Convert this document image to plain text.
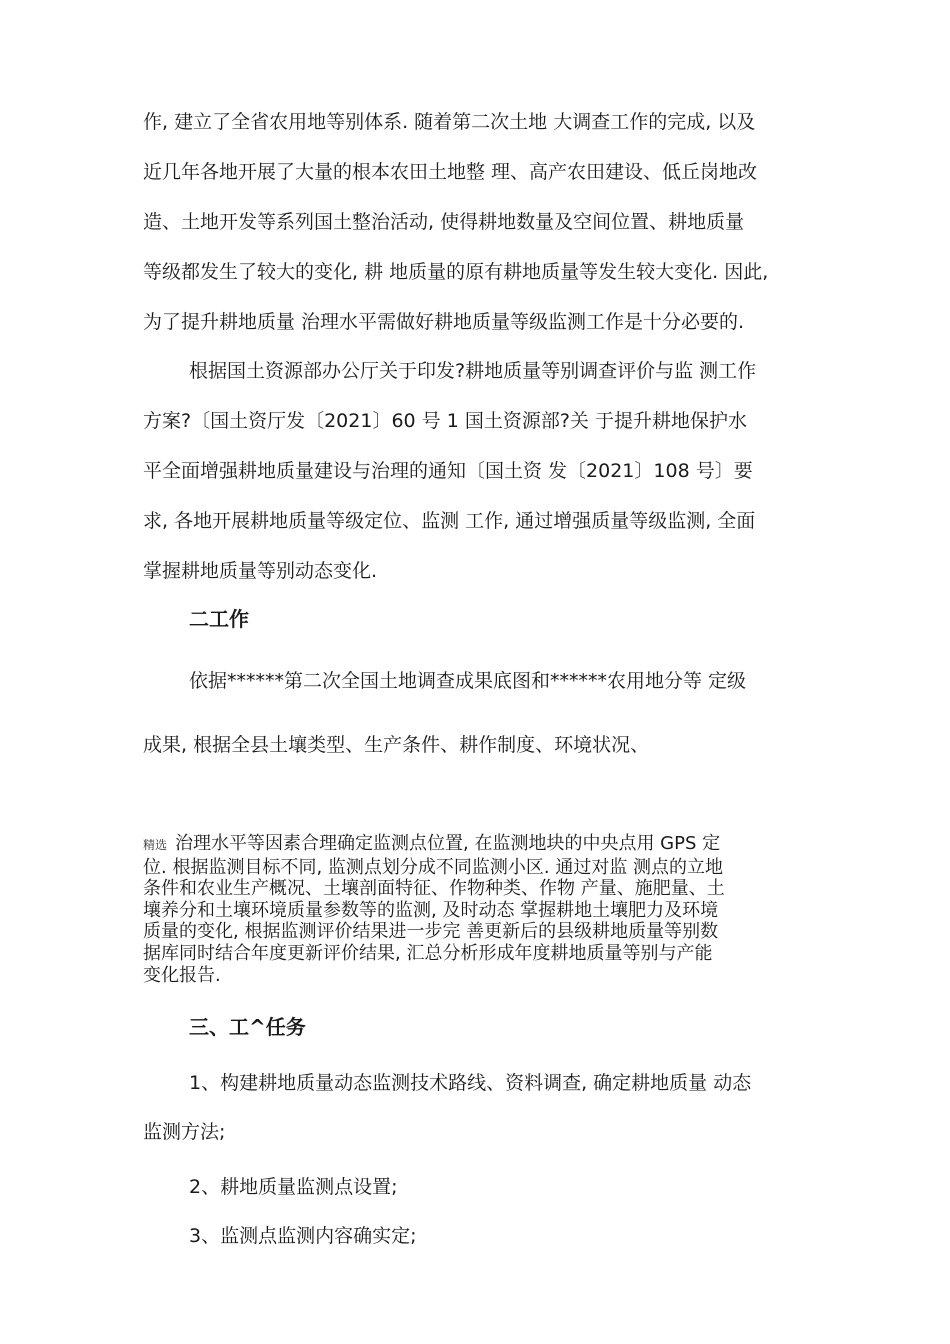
作, 建立了全省农用地等别体系. 随着第二次土地 大调查工作的完成, 以及
近几年各地开展了大量的根本农田土地整 理、高产农田建设、低丘岗地改
造、土地开发等系列国土整治活动, 使得耕地数量及空间位置、耕地质量
等级都发生了较大的变化, 耕 地质量的原有耕地质量等发生较大变化. 因此,
为了提升耕地质量 治理水平需做好耕地质量等级监测工作是十分必要的.
根据国土资源部办公厅关于印发?耕地质量等别调查评价与监 测工作
方案?〔国土资厅发〔2021〕60 号 1 国土资源部?关 于提升耕地保护水
平全面增强耕地质量建设与治理的通知〔国土资 发〔2021〕108 号〕要
求, 各地开展耕地质量等级定位、监测 工作, 通过增强质量等级监测, 全面
掌握耕地质量等别动态变化.
二工作
依据******第二次全国土地调查成果底图和******农用地分等 定级
成果, 根据全县土壤类型、生产条件、耕作制度、环境状况、
精选 治理水平等因素合理确定监测点位置, 在监测地块的中央点用 GPS 定
位. 根据监测目标不同, 监测点划分成不同监测小区. 通过对监 测点的立地
条件和农业生产概况、土壤剖面特征、作物种类、作物 产量、施肥量、土
壤养分和土壤环境质量参数等的监测, 及时动态 掌握耕地土壤肥力及环境
质量的变化, 根据监测评价结果进一步完 善更新后的县级耕地质量等别数
据库同时结合年度更新评价结果, 汇总分析形成年度耕地质量等别与产能
变化报告.
三、工^任务
1、构建耕地质量动态监测技术路线、资料调查, 确定耕地质量 动态
监测方法;
2、耕地质量监测点设置;
3、监测点监测内容确实定;
